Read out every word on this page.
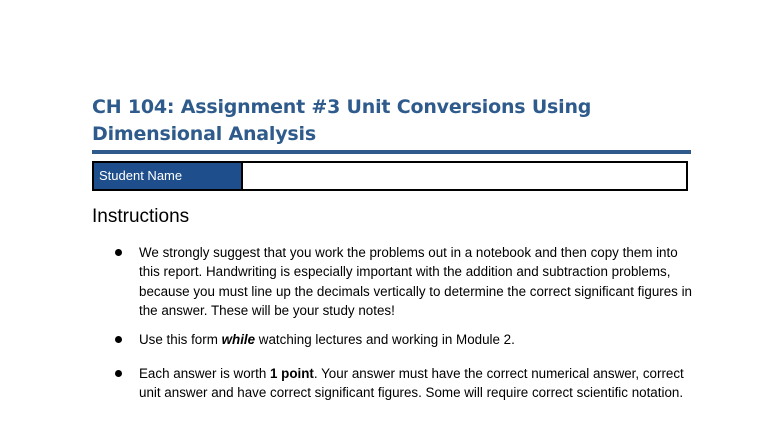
CH 104: Assignment #3 Unit Conversions Using
Dimensional Analysis
Student Name
Instructions
We strongly suggest that you work the problems out in a notebook and then copy them into this report. Handwriting is especially important with the addition and subtraction problems, because you must line up the decimals vertically to determine the correct significant figures in the answer. These will be your study notes!
Use this form while watching lectures and working in Module 2.
Each answer is worth 1 point. Your answer must have the correct numerical answer, correct unit answer and have correct significant figures. Some will require correct scientific notation.
